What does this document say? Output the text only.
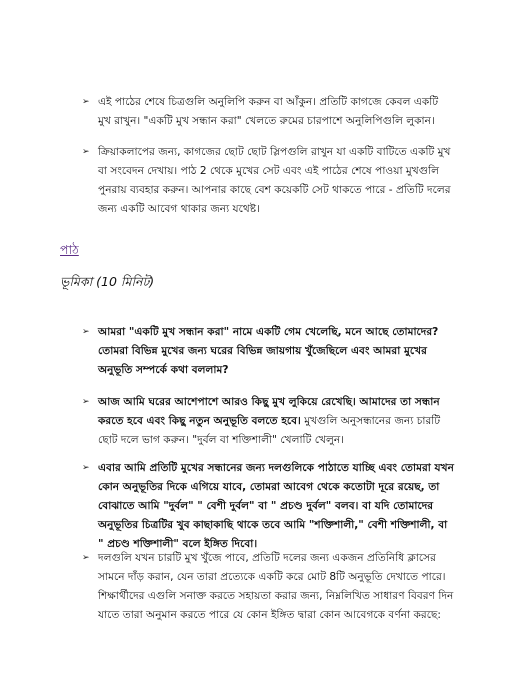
➢ এই পাঠের শেষে চিত্রগুলি অনুলিপি করুন বা আঁকুন। প্রতিটি কাগজে কেবল একটি মুখ রাখুন। "একটি মুখ সন্ধান করা" খেলতে রুমের চারপাশে অনুলিপিগুলি লুকান।
➢ ক্রিয়াকলাপের জন্য, কাগজের ছোট ছোট স্লিপগুলি রাখুন যা একটি বাটিতে একটি মুখ বা সংবেদন দেখায়। পাঠ 2 থেকে মুখের সেট এবং এই পাঠের শেষে পাওয়া মুখগুলি পুনরায় ব্যবহার করুন। আপনার কাছে বেশ কয়েকটি সেট থাকতে পারে - প্রতিটি দলের জন্য একটি আবেগ থাকার জন্য যথেষ্ট।
পাঠ
ভূমিকা (10 মিনিট)
➢ আমরা "একটি মুখ সন্ধান করা" নামে একটি গেম খেলেছি, মনে আছে তোমাদের? তোমরা বিভিন্ন মুখের জন্য ঘরের বিভিন্ন জায়গায় খুঁজেছিলে এবং আমরা মুখের অনুভূতি সম্পর্কে কথা বললাম?
➢ আজ আমি ঘরের আশেপাশে আরও কিছু মুখ লুকিয়ে রেখেছি। আমাদের তা সন্ধান করতে হবে এবং কিছু নতুন অনুভূতি বলতে হবে। মুখগুলি অনুসন্ধানের জন্য চারটি ছোট দলে ভাগ করুন। "দুর্বল বা শক্তিশালী" খেলাটি খেলুন।
➢ এবার আমি প্রতিটি মুখের সন্ধানের জন্য দলগুলিকে পাঠাতে যাচ্ছি এবং তোমরা যখন কোন অনুভূতির দিকে এগিয়ে যাবে, তোমরা আবেগ থেকে কতোটা দূরে রয়েছ, তা বোঝাতে আমি "দুর্বল" " বেশী দুর্বল" বা " প্রচণ্ড দুর্বল" বলব। বা যদি তোমাদের অনুভূতির চিত্রটির খুব কাছাকাছি থাকে তবে আমি "শক্তিশালী," বেশী শক্তিশালী, বা " প্রচণ্ড শক্তিশালী" বলে ইঙ্গিত দিবো।
➢ দলগুলি যখন চারটি মুখ খুঁজে পাবে, প্রতিটি দলের জন্য একজন প্রতিনিধি ক্লাসের সামনে দাঁড় করান, যেন তারা প্রত্যেকে একটি করে মোট 8টি অনুভূতি দেখাতে পারে। শিক্ষার্থীদের এগুলি সনাক্ত করতে সহায়তা করার জন্য, নিম্নলিখিত সাধারণ বিবরণ দিন যাতে তারা অনুমান করতে পারে যে কোন ইঙ্গিত দ্বারা কোন আবেগকে বর্ণনা করছে:
